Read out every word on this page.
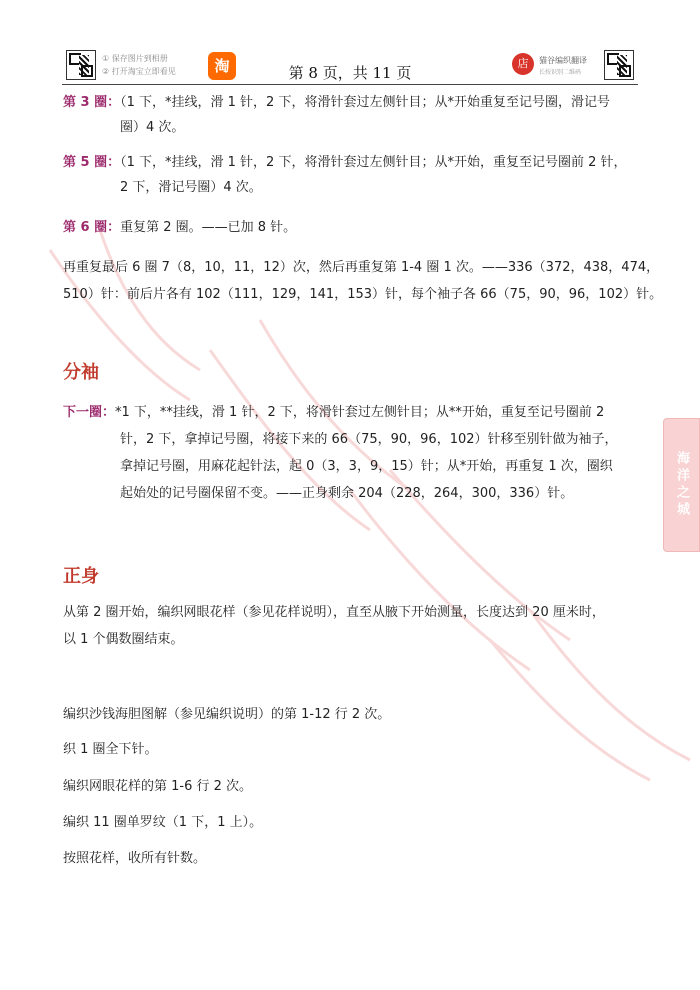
① 保存图片到相册
② 打开淘宝立即看见	淘	第 8 页，共 11 页
店	猫谷编织翻译
长按识别二维码
第 3 圈：（1 下，*挂线，滑 1 针，2 下，将滑针套过左侧针目；从*开始重复至记号圈，滑记号
圈）4 次。
第 5 圈：（1 下，*挂线，滑 1 针，2 下，将滑针套过左侧针目；从*开始，重复至记号圈前 2 针，
2 下，滑记号圈）4 次。
第 6 圈：重复第 2 圈。——已加 8 针。
再重复最后 6 圈 7（8，10，11，12）次，然后再重复第 1-4 圈 1 次。——336（372，438，474，
510）针：前后片各有 102（111，129，141，153）针，每个袖子各 66（75，90，96，102）针。
分袖
下一圈：*1 下，**挂线，滑 1 针，2 下，将滑针套过左侧针目；从**开始，重复至记号圈前 2
针，2 下，拿掉记号圈，将接下来的 66（75，90，96，102）针移至别针做为袖子，
拿掉记号圈，用麻花起针法，起 0（3，3，9，15）针；从*开始，再重复 1 次，圈织
起始处的记号圈保留不变。——正身剩余 204（228，264，300，336）针。
正身
从第 2 圈开始，编织网眼花样（参见花样说明），直至从腋下开始测量，长度达到 20 厘米时，
以 1 个偶数圈结束。
编织沙钱海胆图解（参见编织说明）的第 1-12 行 2 次。
织 1 圈全下针。
编织网眼花样的第 1-6 行 2 次。
编织 11 圈单罗纹（1 下，1 上）。
按照花样，收所有针数。
海洋之城
